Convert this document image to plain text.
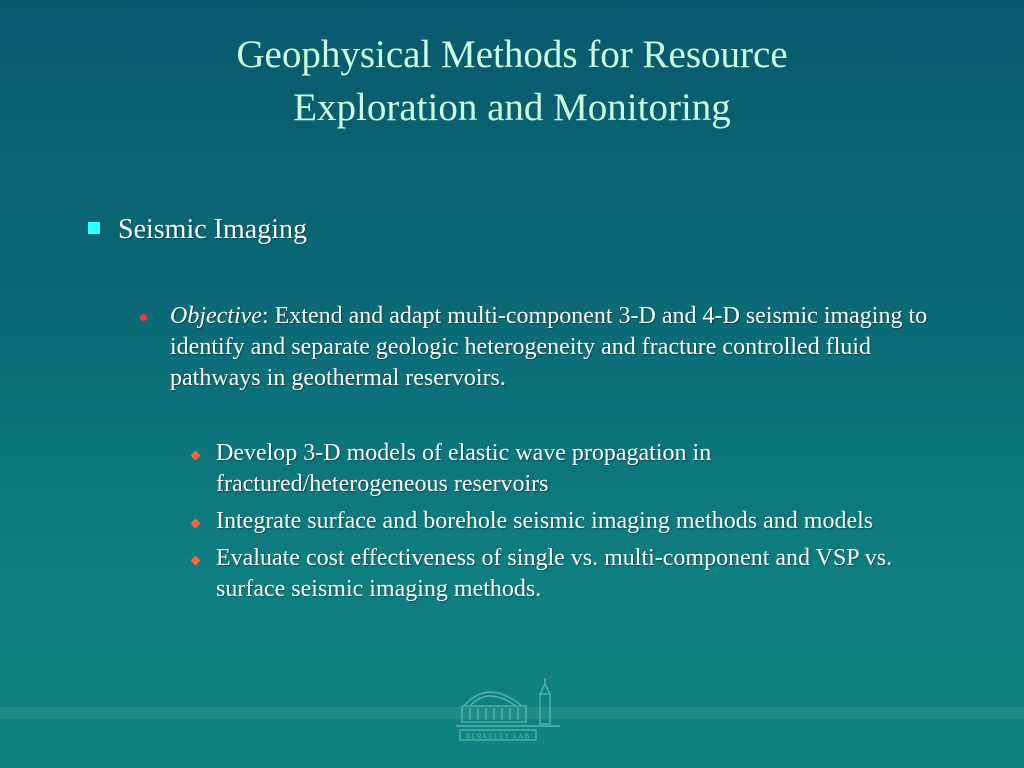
Geophysical Methods for Resource
Exploration and Monitoring
Seismic Imaging
Objective: Extend and adapt multi-component 3-D and 4-D seismic imaging to identify and separate geologic heterogeneity and fracture controlled fluid pathways in geothermal reservoirs.
Develop 3-D models of elastic wave propagation in fractured/heterogeneous reservoirs
Integrate surface and borehole seismic imaging methods and models
Evaluate cost effectiveness of single vs. multi-component and VSP vs. surface seismic imaging methods.
BERKELEY LAB
